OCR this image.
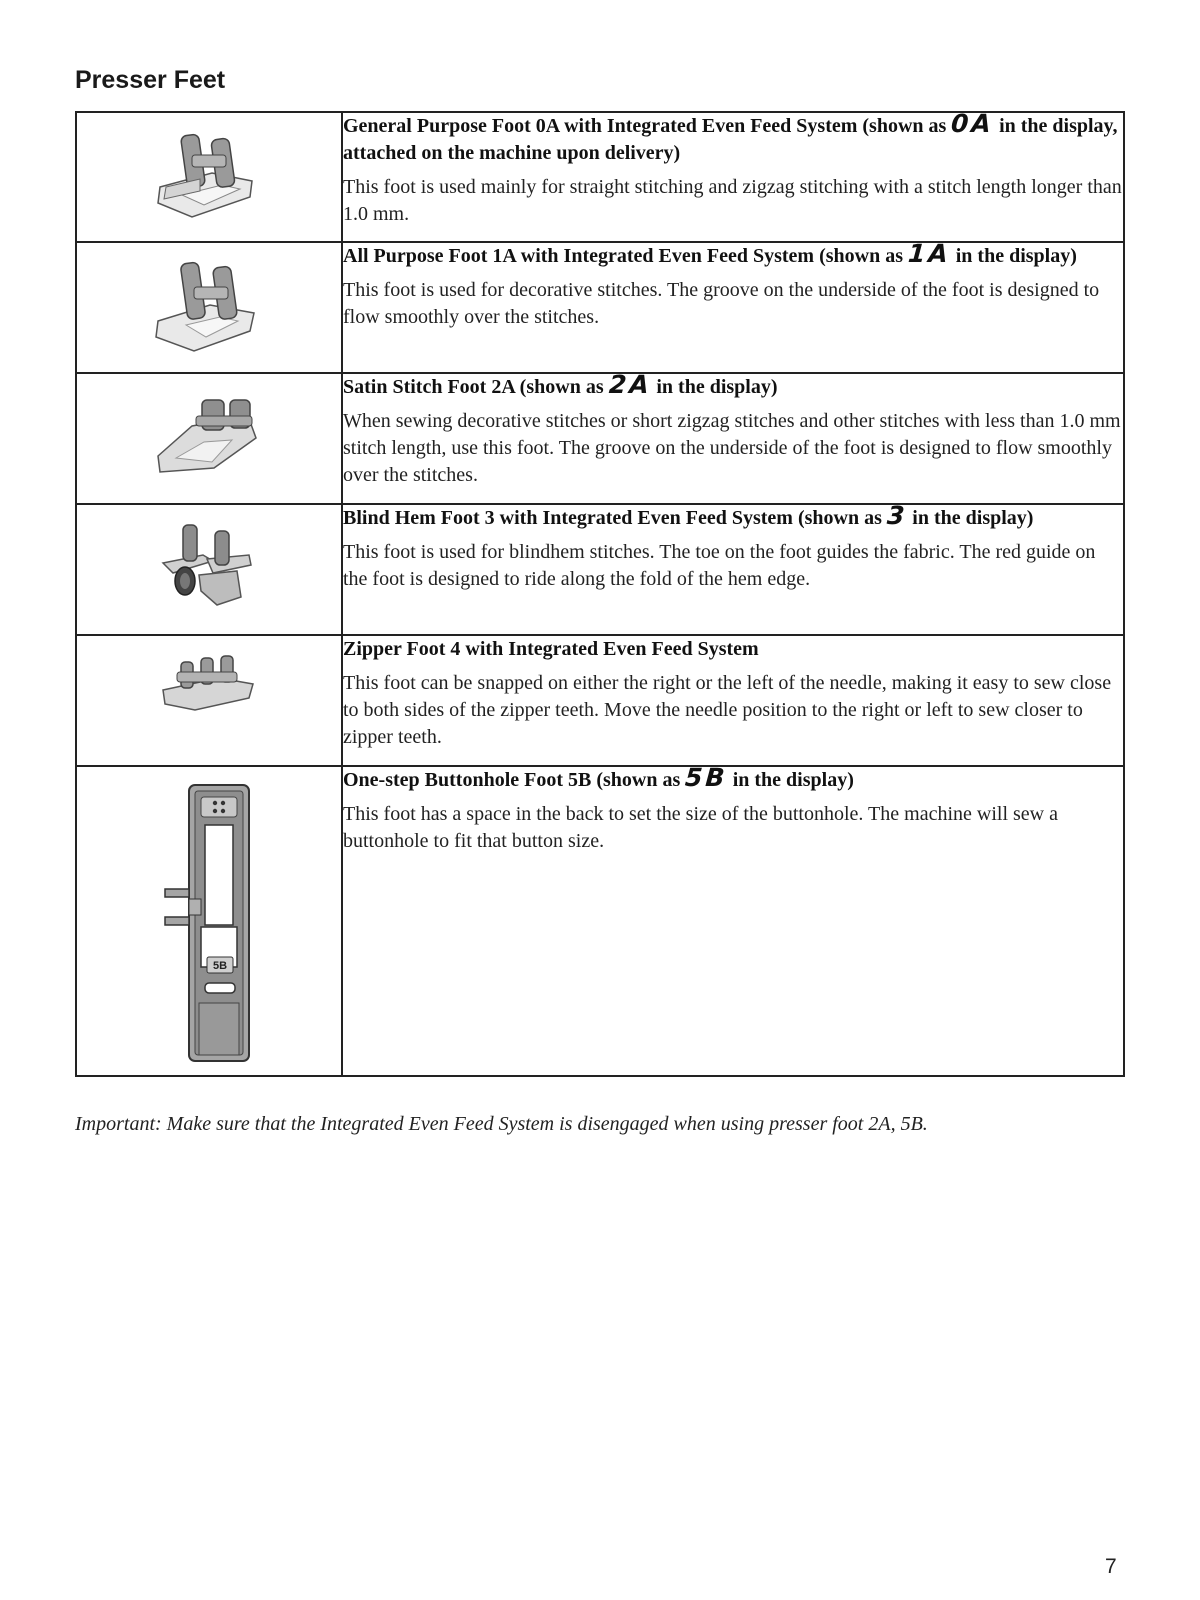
Presser Feet

General Purpose Foot 0A with Integrated Even Feed System (shown as 0A in the display, attached on the machine upon delivery)

This foot is used mainly for straight stitching and zigzag stitching with a stitch length longer than 1.0 mm.

All Purpose Foot 1A with Integrated Even Feed System (shown as 1A in the display)

This foot is used for decorative stitches. The groove on the underside of the foot is designed to flow smoothly over the stitches.

Satin Stitch Foot 2A (shown as 2A in the display)

When sewing decorative stitches or short zigzag stitches and other stitches with less than 1.0 mm stitch length, use this foot. The groove on the underside of the foot is designed to flow smoothly over the stitches.

Blind Hem Foot 3 with Integrated Even Feed System (shown as 3 in the display)

This foot is used for blindhem stitches. The toe on the foot guides the fabric. The red guide on the foot is designed to ride along the fold of the hem edge.

Zipper Foot 4 with Integrated Even Feed System

This foot can be snapped on either the right or the left of the needle, making it easy to sew close to both sides of the zipper teeth. Move the needle position to the right or left to sew closer to zipper teeth.

5B	One-step Buttonhole Foot 5B (shown as 5B in the display)

This foot has a space in the back to set the size of the buttonhole. The machine will sew a buttonhole to fit that button size.

Important: Make sure that the Integrated Even Feed System is disengaged when using presser foot 2A, 5B.

7
